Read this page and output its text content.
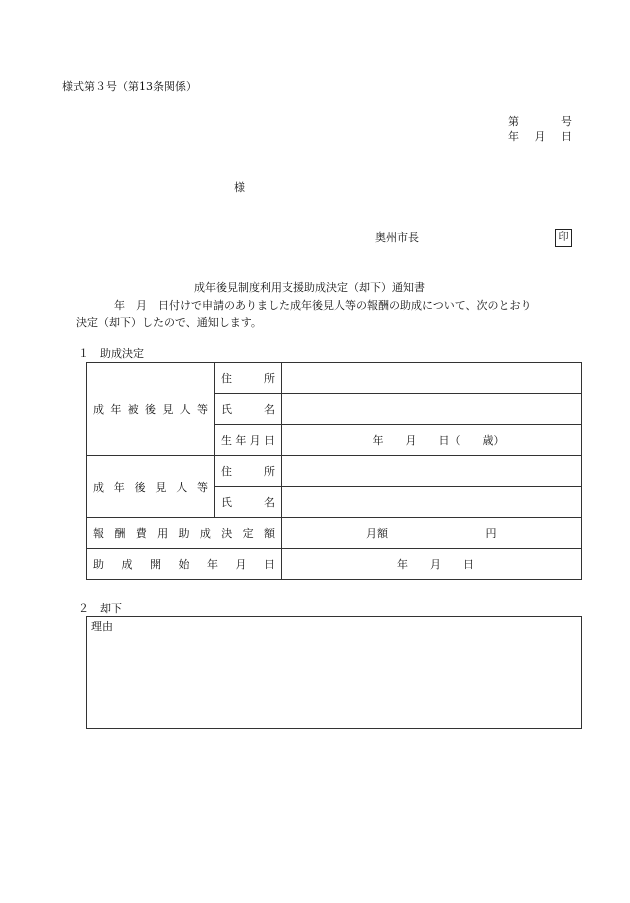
様式第３号（第13条関係）
第	号
年 月 日
様
奥州市長	印
成年後見制度利用支援助成決定（却下）通知書

年　月　日付けで申請のありました成年後見人等の報酬の助成について、次のとおり

決定（却下）したので、通知します。

１　助成決定
成年被後見人等	住　　所	
	氏　　名	
	生年月日	年　　月　　日（　　歳）
成年後見人等	住　　所	
	氏　　名	
報酬費用助成決定額		月額 円
助成開始年月日		年　　月　　日
２　却下
理由
